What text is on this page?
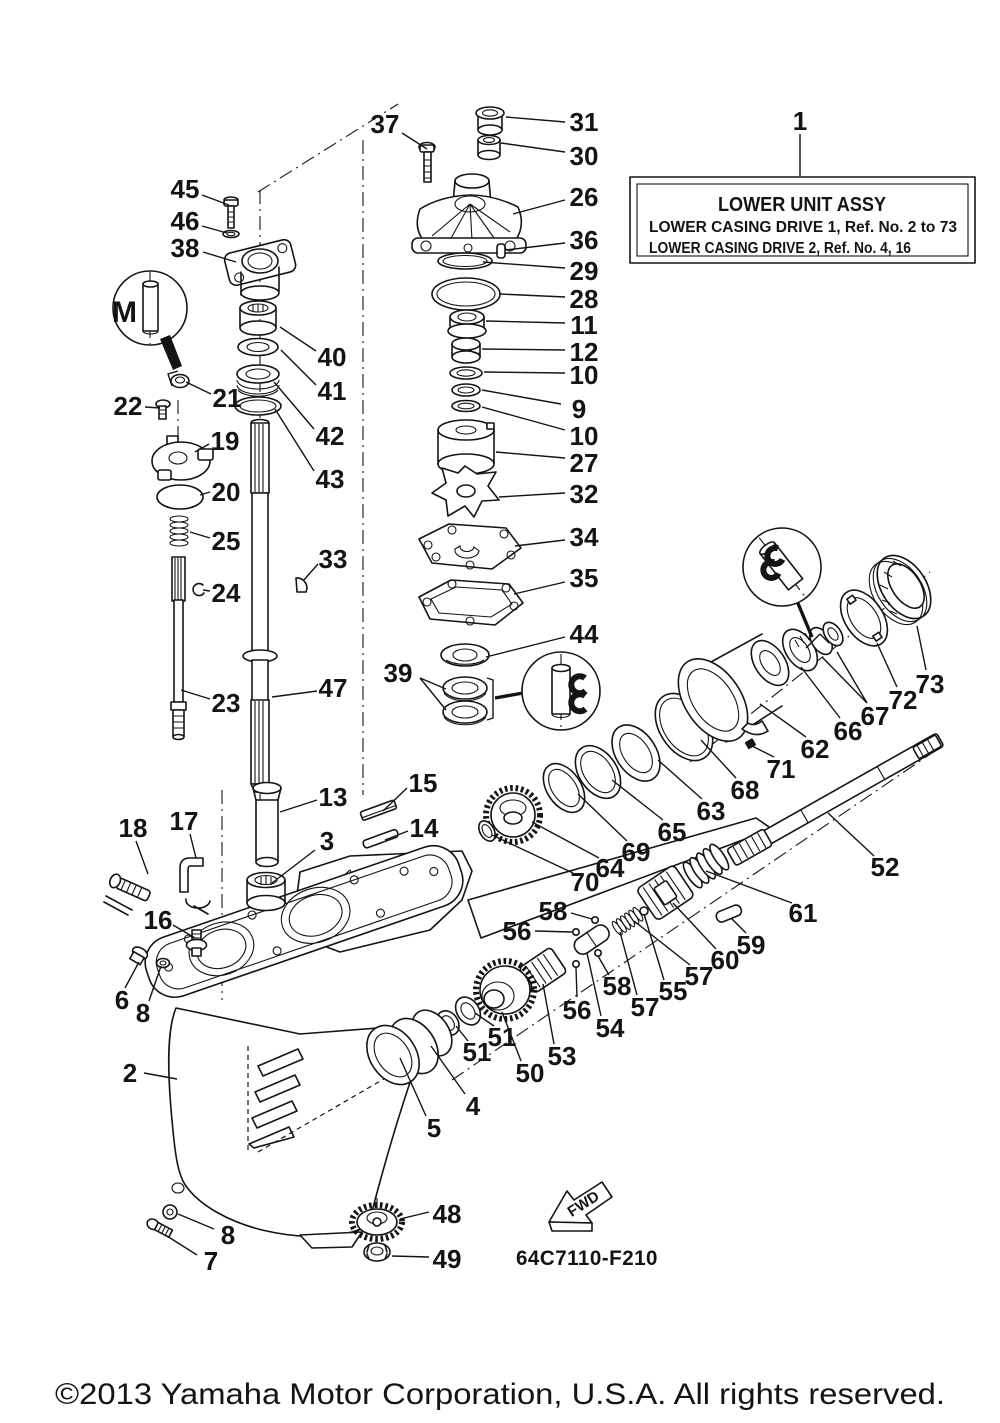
M
FWD
LOWER UNIT ASSY
LOWER CASING DRIVE 1, Ref. No. 2 to 73
LOWER CASING DRIVE 2, Ref. No. 4, 16
64C7110-F210
©2013 Yamaha Motor Corporation, U.S.A. All rights reserved.
1
37
45
46
38
31
30
26
36
29
28
11
12
10
9
10
27
32
34
35
44
39
40
41
42
43
22	21
19
20
25
24
23
33
47	73
72
67
66
62
71
68
63
65
69
64
70	52
61
59
60
57
55
58
56
58
57
56
54
53
51
51
50
4
5
15
14
13
3
18 17
16
6 8
2
8
7
48
49
